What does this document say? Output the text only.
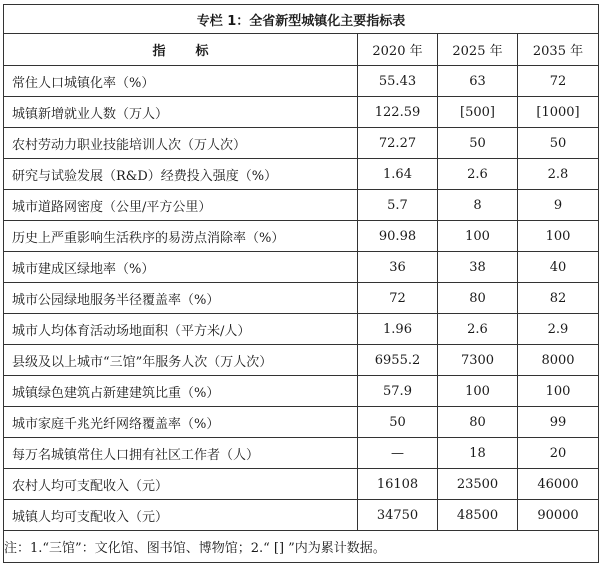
专栏 1：全省新型城镇化主要指标表			
指标	2020 年	2025 年	2035 年
常住人口城镇化率（%）	55.43	63	72
城镇新增就业人数（万人）	122.59	[500]	[1000]
农村劳动力职业技能培训人次（万人次）	72.27	50	50
研究与试验发展（R&D）经费投入强度（%）	1.64	2.6	2.8
城市道路网密度（公里/平方公里）	5.7	8	9
历史上严重影响生活秩序的易涝点消除率（%）	90.98	100	100
城市建成区绿地率（%）	36	38	40
城市公园绿地服务半径覆盖率（%）	72	80	82
城市人均体育活动场地面积（平方米/人）	1.96	2.6	2.9
县级及以上城市“三馆”年服务人次（万人次）	6955.2	7300	8000
城镇绿色建筑占新建建筑比重（%）	57.9	100	100
城市家庭千兆光纤网络覆盖率（%）	50	80	99
每万名城镇常住人口拥有社区工作者（人）	—	18	20
农村人均可支配收入（元）	16108	23500	46000
城镇人均可支配收入（元）	34750	48500	90000
注：1.“三馆”：文化馆、图书馆、博物馆；2.“ [] ”内为累计数据。			
